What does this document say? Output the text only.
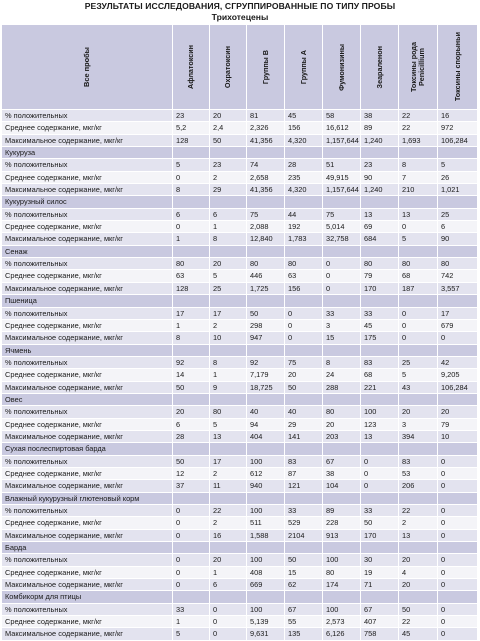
РЕЗУЛЬТАТЫ ИССЛЕДОВАНИЯ, СГРУППИРОВАННЫЕ ПО ТИПУ ПРОБЫ
Трихотецены
Все пробы	Афлатоксин	Охратоксин	Группы В	Группы А	Фумонизины	Зеараленон	Токсины рода Penicillium	Токсины спорыньи

% положительных	23	20	81	45	58	38	22	16
Среднее содержание, мкг/кг	5,2	2,4	2,326	156	16,612	89	22	972
Максимальное содержание, мкг/кг	128	50	41,356	4,320	1,157,644	1,240	1,693	106,284
Кукуруза								
% положительных	5	23	74	28	51	23	8	5
Среднее содержание, мкг/кг	0	2	2,658	235	49,915	90	7	26
Максимальное содержание, мкг/кг	8	29	41,356	4,320	1,157,644	1,240	210	1,021
Кукурузный силос								
% положительных	6	6	75	44	75	13	13	25
Среднее содержание, мкг/кг	0	1	2,088	192	5,014	69	0	6
Максимальное содержание, мкг/кг	1	8	12,840	1,783	32,758	684	5	90
Сенаж								
% положительных	80	20	80	80	0	80	80	80
Среднее содержание, мкг/кг	63	5	446	63	0	79	68	742
Максимальное содержание, мкг/кг	128	25	1,725	156	0	170	187	3,557
Пшеница								
% положительных	17	17	50	0	33	33	0	17
Среднее содержание, мкг/кг	1	2	298	0	3	45	0	679
Максимальное содержание, мкг/кг	8	10	947	0	15	175	0	0
Ячмень								
% положительных	92	8	92	75	8	83	25	42
Среднее содержание, мкг/кг	14	1	7,179	20	24	68	5	9,205
Максимальное содержание, мкг/кг	50	9	18,725	50	288	221	43	106,284
Овес								
% положительных	20	80	40	40	80	100	20	20
Среднее содержание, мкг/кг	6	5	94	29	20	123	3	79
Максимальное содержание, мкг/кг	28	13	404	141	203	13	394	10
Сухая послеспиртовая барда								
% положительных	50	17	100	83	67	0	83	0
Среднее содержание, мкг/кг	12	2	612	87	38	0	53	0
Максимальное содержание, мкг/кг	37	11	940	121	104	0	206	0
Влажный кукурузный глютеновый корм								
% положительных	0	22	100	33	89	33	22	0
Среднее содержание, мкг/кг	0	2	511	529	228	50	2	0
Максимальное содержание, мкг/кг	0	16	1,588	2104	913	170	13	0
Барда								
% положительных	0	20	100	50	100	30	20	0
Среднее содержание, мкг/кг	0	1	408	15	80	19	4	0
Максимальное содержание, мкг/кг	0	6	669	62	174	71	20	0
Комбикорм для птицы								
% положительных	33	0	100	67	100	67	50	0
Среднее содержание, мкг/кг	1	0	5,139	55	2,573	407	22	0
Максимальное содержание, мкг/кг	5	0	9,631	135	6,126	758	45	0
